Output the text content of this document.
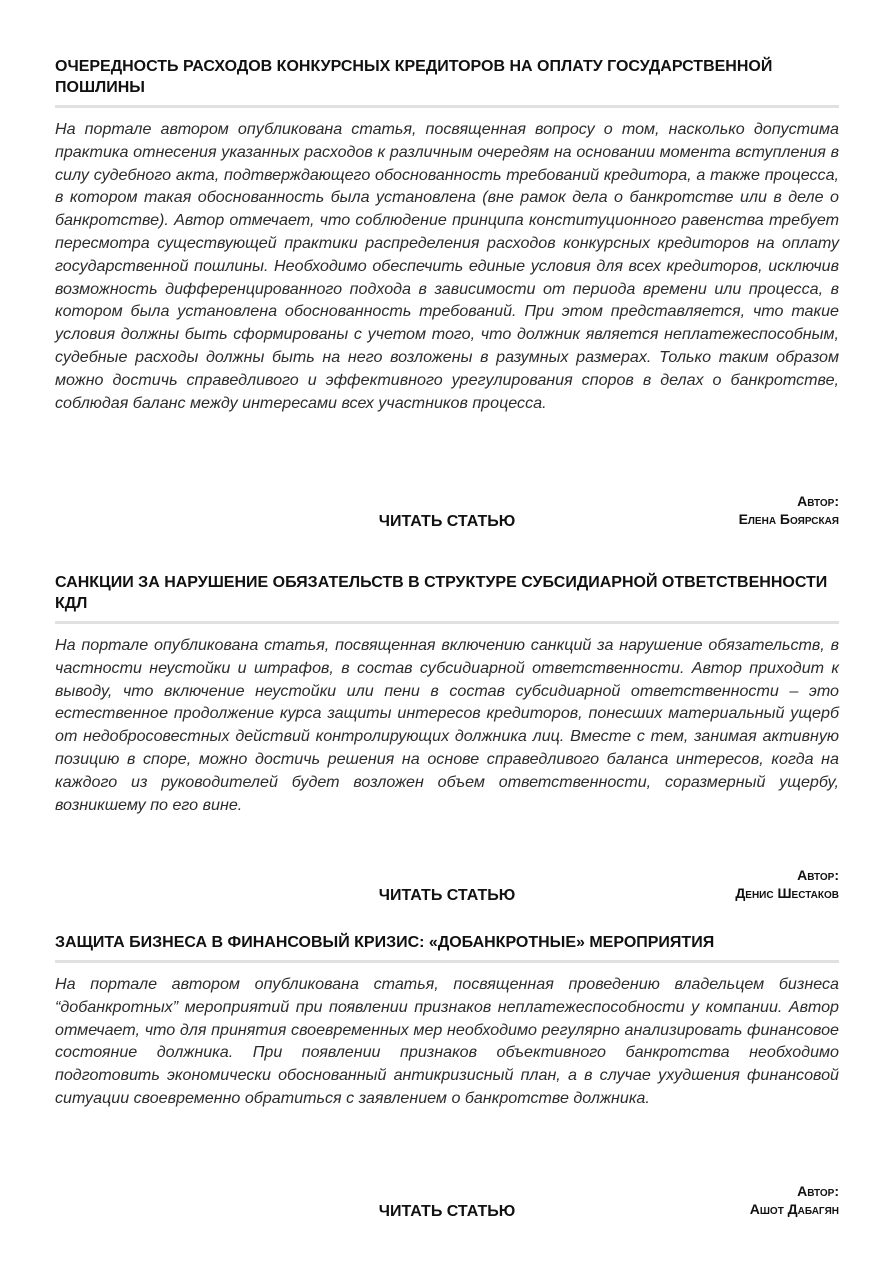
ОЧЕРЕДНОСТЬ РАСХОДОВ КОНКУРСНЫХ КРЕДИТОРОВ НА ОПЛАТУ ГОСУДАРСТВЕННОЙ ПОШЛИНЫ

На портале автором опубликована статья, посвященная вопросу о том, насколько допустима практика отнесения указанных расходов к различным очередям на основании момента вступления в силу судебного акта, подтверждающего обоснованность требований кредитора, а также процесса, в котором такая обоснованность была установлена (вне рамок дела о банкротстве или в деле о банкротстве). Автор отмечает, что соблюдение принципа конституционного равенства требует пересмотра существующей практики распределения расходов конкурсных кредиторов на оплату государственной пошлины. Необходимо обеспечить единые условия для всех кредиторов, исключив возможность дифференцированного подхода в зависимости от периода времени или процесса, в котором была установлена обоснованность требований. При этом представляется, что такие условия должны быть сформированы с учетом того, что должник является неплатежеспособным, судебные расходы должны быть на него возложены в разумных размерах. Только таким образом можно достичь справедливого и эффективного урегулирования споров в делах о банкротстве, соблюдая баланс между интересами всех участников процесса.

ЧИТАТЬ СТАТЬЮ
Автор:
Елена Боярская
САНКЦИИ ЗА НАРУШЕНИЕ ОБЯЗАТЕЛЬСТВ В СТРУКТУРЕ СУБСИДИАРНОЙ ОТВЕТСТВЕННОСТИ КДЛ

На портале опубликована статья, посвященная включению санкций за нарушение обязательств, в частности неустойки и штрафов, в состав субсидиарной ответственности. Автор приходит к выводу, что включение неустойки или пени в состав субсидиарной ответственности – это естественное продолжение курса защиты интересов кредиторов, понесших материальный ущерб от недобросовестных действий контролирующих должника лиц. Вместе с тем, занимая активную позицию в споре, можно достичь решения на основе справедливого баланса интересов, когда на каждого из руководителей будет возложен объем ответственности, соразмерный ущербу, возникшему по его вине.

ЧИТАТЬ СТАТЬЮ
Автор:
Денис Шестаков
ЗАЩИТА БИЗНЕСА В ФИНАНСОВЫЙ КРИЗИС: «ДОБАНКРОТНЫЕ» МЕРОПРИЯТИЯ

На портале автором опубликована статья, посвященная проведению владельцем бизнеса “добанкротных” мероприятий при появлении признаков неплатежеспособности у компании. Автор отмечает, что для принятия своевременных мер необходимо регулярно анализировать финансовое состояние должника. При появлении признаков объективного банкротства необходимо подготовить экономически обоснованный антикризисный план, а в случае ухудшения финансовой ситуации своевременно обратиться с заявлением о банкротстве должника.

ЧИТАТЬ СТАТЬЮ
Автор:
Ашот Дабагян
